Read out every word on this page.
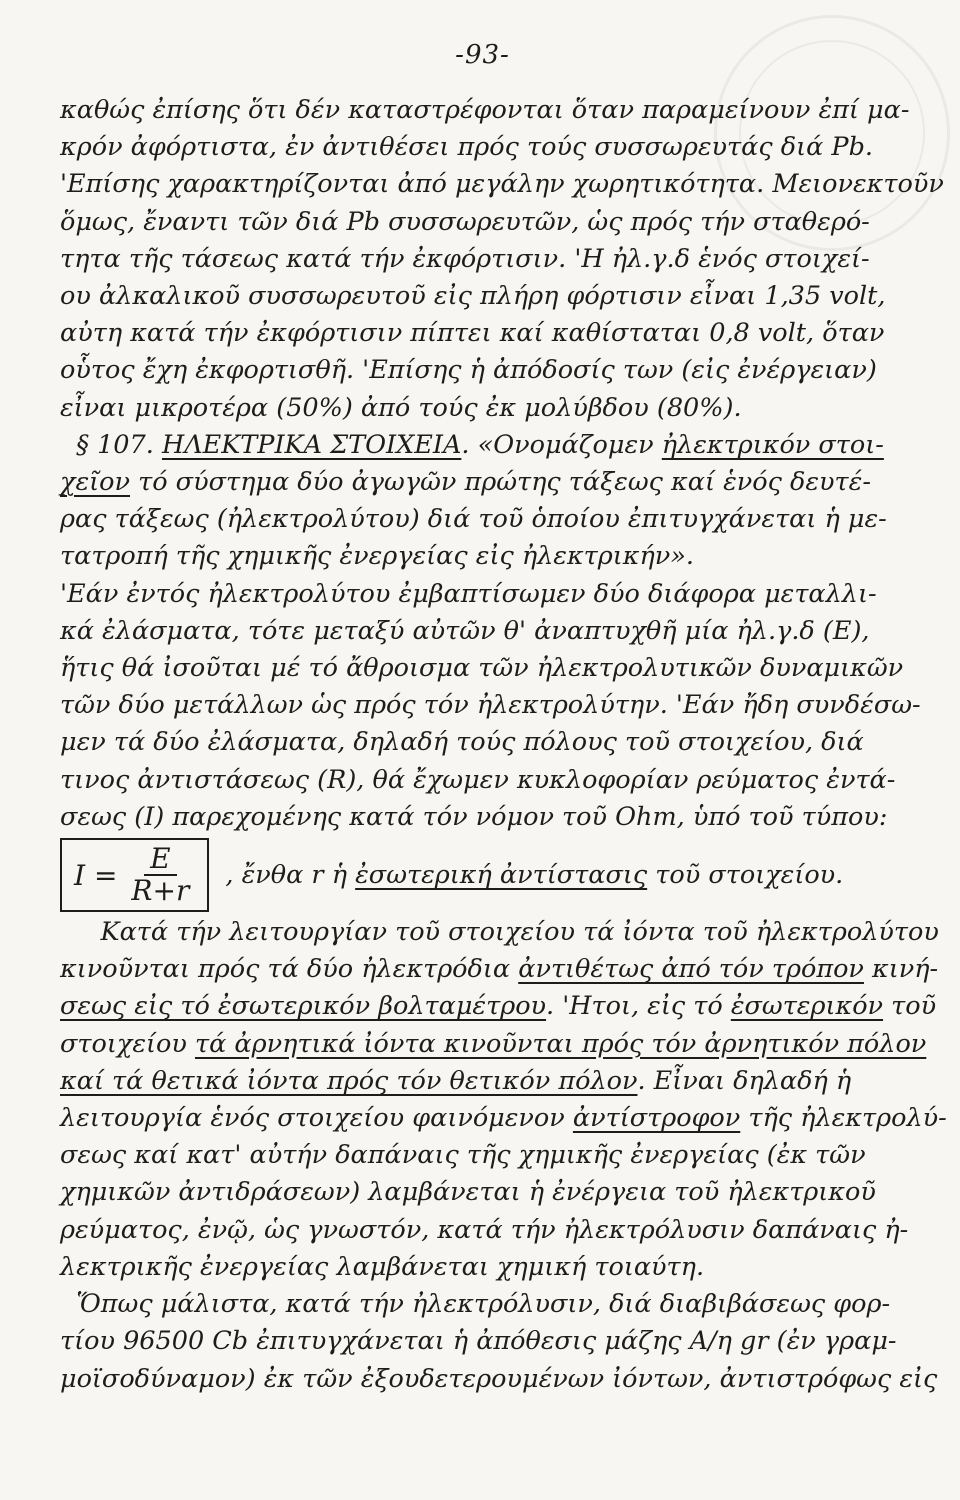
-93-
καθώς ἐπίσης ὅτι δέν καταστρέφονται ὅταν παραμείνουν ἐπί μα-
κρόν ἀφόρτιστα, ἐν ἀντιθέσει πρός τούς συσσωρευτάς διά Pb.
'Επίσης χαρακτηρίζονται ἀπό μεγάλην χωρητικότητα. Μειονεκτοῦν
ὅμως, ἔναντι τῶν διά Pb συσσωρευτῶν, ὡς πρός τήν σταθερό-
τητα τῆς τάσεως κατά τήν ἐκφόρτισιν. 'Η ἠλ.γ.δ ἑνός στοιχεί-
ου ἀλκαλικοῦ συσσωρευτοῦ εἰς πλήρη φόρτισιν εἶναι 1,35 volt,
αὐτη κατά τήν ἐκφόρτισιν πίπτει καί καθίσταται 0,8 volt, ὅταν
οὗτος ἔχη ἐκφορτισθῆ. 'Επίσης ἡ ἀπόδοσίς των (εἰς ἐνέργειαν)
εἶναι μικροτέρα (50%) ἀπό τούς ἐκ μολύβδου (80%).
§ 107. ΗΛΕΚΤΡΙΚΑ ΣΤΟΙΧΕΙΑ. «Ονομάζομεν ἠλεκτρικόν στοι-
χεῖον τό σύστημα δύο ἀγωγῶν πρώτης τάξεως καί ἑνός δευτέ-
ρας τάξεως (ἠλεκτρολύτου) διά τοῦ ὁποίου ἐπιτυγχάνεται ἡ με-
τατροπή τῆς χημικῆς ἐνεργείας εἰς ἠλεκτρικήν».
'Εάν ἐντός ἠλεκτρολύτου ἐμβαπτίσωμεν δύο διάφορα μεταλλι-
κά ἐλάσματα, τότε μεταξύ αὐτῶν θ' ἀναπτυχθῆ μία ἠλ.γ.δ (E),
ἥτις θά ἰσοῦται μέ τό ἄθροισμα τῶν ἠλεκτρολυτικῶν δυναμικῶν
τῶν δύο μετάλλων ὡς πρός τόν ἠλεκτρολύτην. 'Εάν ἤδη συνδέσω-
μεν τά δύο ἐλάσματα, δηλαδή τούς πόλους τοῦ στοιχείου, διά
τινος ἀντιστάσεως (R), θά ἔχωμεν κυκλοφορίαν ρεύματος ἐντά-
σεως (I) παρεχομένης κατά τόν νόμον τοῦ Ohm, ὑπό τοῦ τύπου:
$I = \frac{E}{R+r}$ , ἔνθα r ἡ ἐσωτερική ἀντίστασις τοῦ στοιχείου.
Κατά τήν λειτουργίαν τοῦ στοιχείου τά ἰόντα τοῦ ἠλεκτρολύτου
κινοῦνται πρός τά δύο ἠλεκτρόδια ἀντιθέτως ἀπό τόν τρόπον κινή-
σεως εἰς τό ἐσωτερικόν βολταμέτρου. 'Ητοι, εἰς τό ἐσωτερικόν τοῦ
στοιχείου τά ἀρνητικά ἰόντα κινοῦνται πρός τόν ἀρνητικόν πόλον
καί τά θετικά ἰόντα πρός τόν θετικόν πόλον. Εἶναι δηλαδή ἡ
λειτουργία ἑνός στοιχείου φαινόμενον ἀντίστροφον τῆς ἠλεκτρολύ-
σεως καί κατ' αὐτήν δαπάναις τῆς χημικῆς ἐνεργείας (ἐκ τῶν
χημικῶν ἀντιδράσεων) λαμβάνεται ἡ ἐνέργεια τοῦ ἠλεκτρικοῦ
ρεύματος, ἐνῷ, ὡς γνωστόν, κατά τήν ἠλεκτρόλυσιν δαπάναις ἠ-
λεκτρικῆς ἐνεργείας λαμβάνεται χημική τοιαύτη.
Ὅπως μάλιστα, κατά τήν ἠλεκτρόλυσιν, διά διαβιβάσεως φορ-
τίου 96500 Cb ἐπιτυγχάνεται ἡ ἀπόθεσις μάζης A/η gr (ἐν γραμ-
μοϊσοδύναμον) ἐκ τῶν ἐξουδετερουμένων ἰόντων, ἀντιστρόφως εἰς
